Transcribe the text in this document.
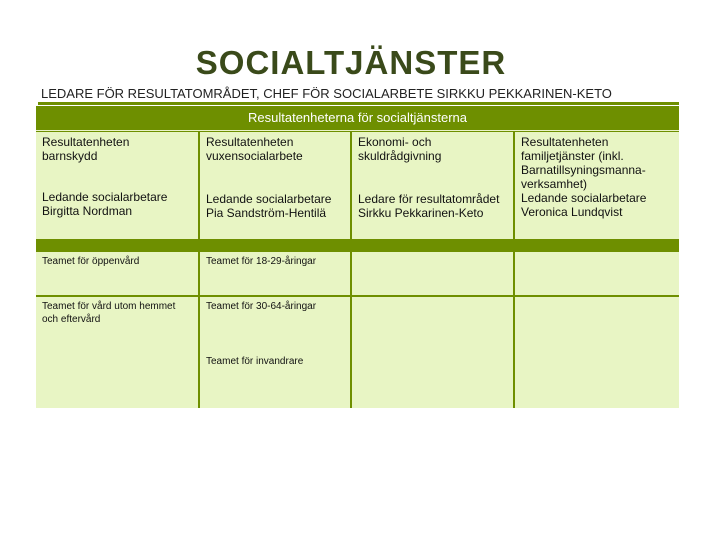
SOCIALTJÄNSTER
LEDARE FÖR RESULTATOMRÅDET, CHEF FÖR SOCIALARBETE SIRKKU PEKKARINEN-KETO
Resultatenheterna för socialtjänsterna
Resultatenheten
barnskydd
Ledande socialarbetare
Birgitta Nordman
Resultatenheten
vuxensocialarbete
Ledande socialarbetare
Pia Sandström-Hentilä
Ekonomi- och
skuldrådgivning
Ledare för resultatområdet
Sirkku Pekkarinen-Keto
Resultatenheten
familjetjänster (inkl.
Barnatillsyningsmanna-
verksamhet)
Ledande socialarbetare
Veronica Lundqvist
Teamet för öppenvård	Teamet för 18-29-åringar
Teamet för vård utom hemmet
och eftervård
Teamet för 30-64-åringar
Teamet för invandrare
